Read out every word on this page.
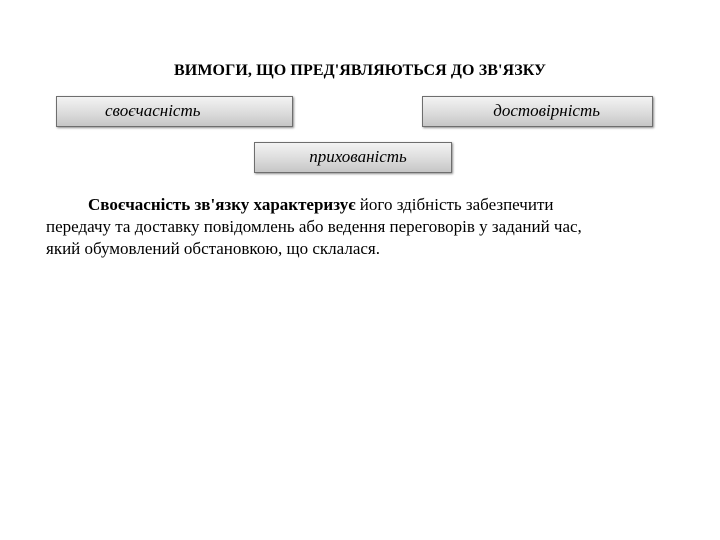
ВИМОГИ, ЩО ПРЕД'ЯВЛЯЮТЬСЯ ДО ЗВ'ЯЗКУ
своєчасність	достовірність
прихованість
Своєчасність зв'язку характеризує його здібність забезпечити
передачу та доставку повідомлень або ведення переговорів у заданий час,
який обумовлений обстановкою, що склалася.
